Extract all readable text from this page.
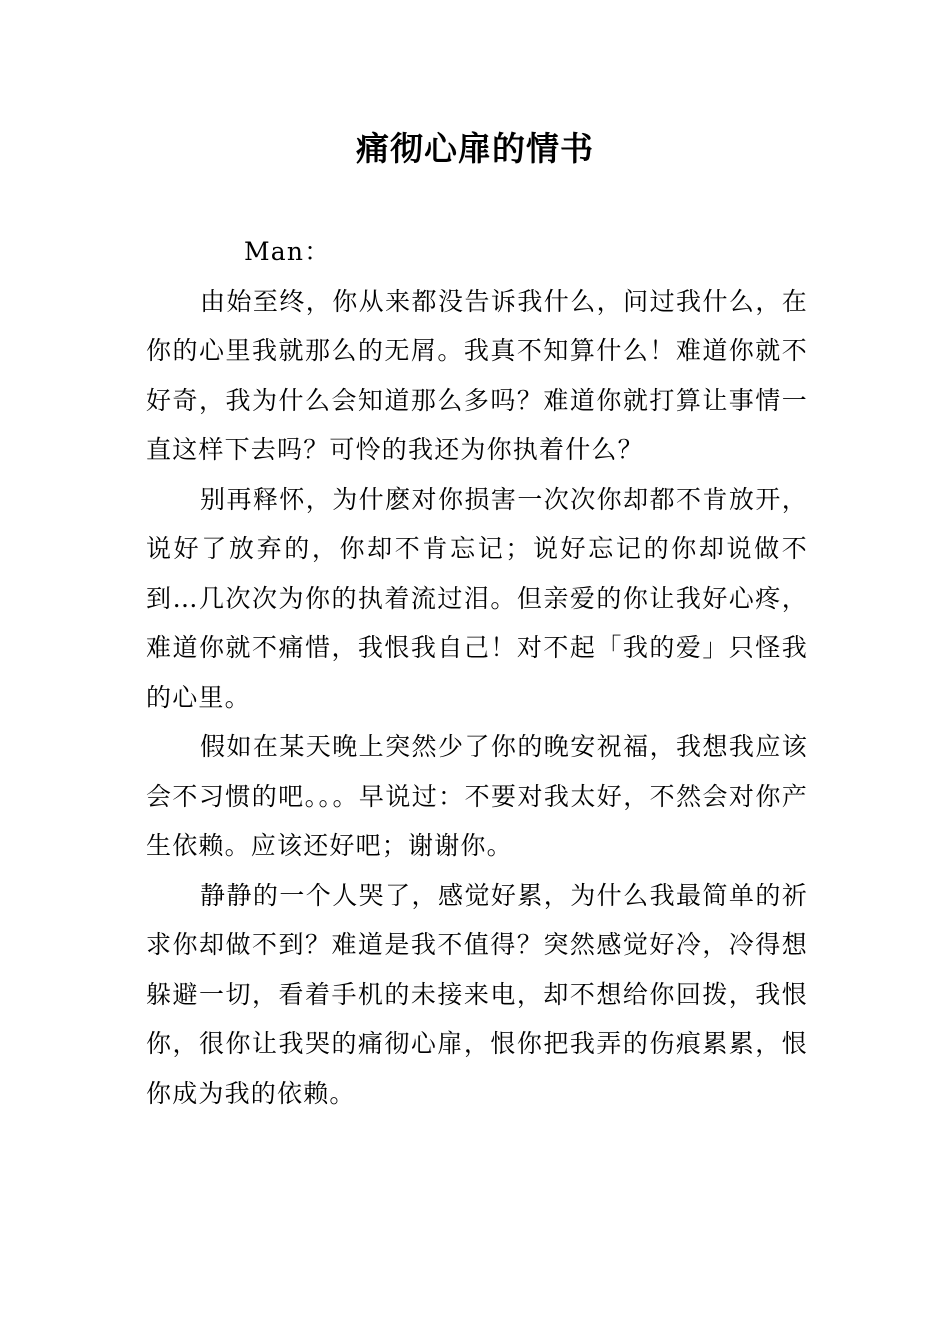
痛彻心扉的情书

Man：

由始至终，你从来都没告诉我什么，问过我什么，在你的心里我就那么的无屑。我真不知算什么！难道你就不好奇，我为什么会知道那么多吗？难道你就打算让事情一直这样下去吗？可怜的我还为你执着什么？

别再释怀，为什麽对你损害一次次你却都不肯放开，说好了放弃的，你却不肯忘记；说好忘记的你却说做不到…几次次为你的执着流过泪。但亲爱的你让我好心疼，难道你就不痛惜，我恨我自己！对不起「我的爱」只怪我的心里。

假如在某天晚上突然少了你的晚安祝福，我想我应该会不习惯的吧。。。早说过：不要对我太好，不然会对你产生依赖。应该还好吧；谢谢你。

静静的一个人哭了，感觉好累，为什么我最简单的祈求你却做不到？难道是我不值得？突然感觉好冷，冷得想躲避一切，看着手机的未接来电，却不想给你回拨，我恨你，很你让我哭的痛彻心扉，恨你把我弄的伤痕累累，恨你成为我的依赖。
